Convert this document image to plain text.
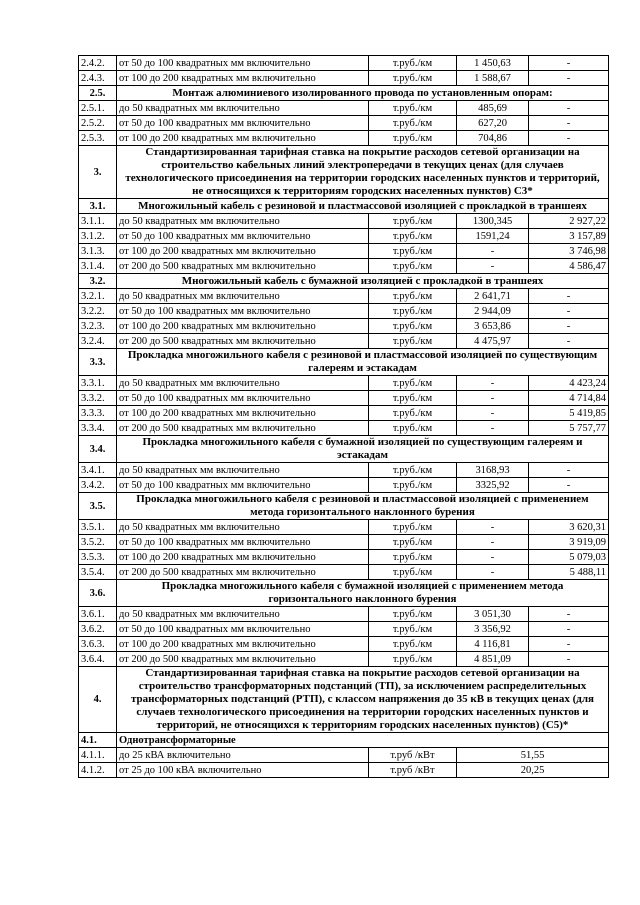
2.4.2.	от 50 до 100 квадратных мм включительно	т.руб./км	1 450,63	-
2.4.3.	от 100 до 200 квадратных мм включительно	т.руб./км	1 588,67	-
2.5.	Монтаж алюминиевого изолированного провода по установленным опорам:			
2.5.1.	до 50 квадратных мм включительно	т.руб./км	485,69	-
2.5.2.	от 50 до 100 квадратных мм включительно	т.руб./км	627,20	-
2.5.3.	от 100 до 200 квадратных мм включительно	т.руб./км	704,86	-
3.	Стандартизированная тарифная ставка на покрытие расходов сетевой организации на строительство кабельных линий электропередачи в текущих ценах (для случаев технологического присоединения на территории городских населенных пунктов и территорий, не относящихся к территориям городских населенных пунктов) С3*			
3.1.	Многожильный кабель с резиновой и пластмассовой изоляцией с прокладкой в траншеях			
3.1.1.	до 50 квадратных мм включительно	т.руб./км	1300,345	2 927,22
3.1.2.	от 50 до 100 квадратных мм включительно	т.руб./км	1591,24	3 157,89
3.1.3.	от 100 до 200 квадратных мм включительно	т.руб./км	-	3 746,98
3.1.4.	от 200 до 500 квадратных мм включительно	т.руб./км	-	4 586,47
3.2.	Многожильный кабель с бумажной изоляцией с прокладкой в траншеях			
3.2.1.	до 50 квадратных мм включительно	т.руб./км	2 641,71	-
3.2.2.	от 50 до 100 квадратных мм включительно	т.руб./км	2 944,09	-
3.2.3.	от 100 до 200 квадратных мм включительно	т.руб./км	3 653,86	-
3.2.4.	от 200 до 500 квадратных мм включительно	т.руб./км	4 475,97	-
3.3.	Прокладка многожильного кабеля с резиновой и пластмассовой изоляцией по существующим галереям и эстакадам			
3.3.1.	до 50 квадратных мм включительно	т.руб./км	-	4 423,24
3.3.2.	от 50 до 100 квадратных мм включительно	т.руб./км	-	4 714,84
3.3.3.	от 100 до 200 квадратных мм включительно	т.руб./км	-	5 419,85
3.3.4.	от 200 до 500 квадратных мм включительно	т.руб./км	-	5 757,77
3.4.	Прокладка многожильного кабеля с бумажной изоляцией по существующим галереям и эстакадам			
3.4.1.	до 50 квадратных мм включительно	т.руб./км	3168,93	-
3.4.2.	от 50 до 100 квадратных мм включительно	т.руб./км	3325,92	-
3.5.	Прокладка многожильного кабеля с резиновой и пластмассовой изоляцией с применением метода горизонтального наклонного бурения			
3.5.1.	до 50 квадратных мм включительно	т.руб./км	-	3 620,31
3.5.2.	от 50 до 100 квадратных мм включительно	т.руб./км	-	3 919,09
3.5.3.	от 100 до 200 квадратных мм включительно	т.руб./км	-	5 079,03
3.5.4.	от 200 до 500 квадратных мм включительно	т.руб./км	-	5 488,11
3.6.	Прокладка многожильного кабеля с бумажной изоляцией с применением метода горизонтального наклонного бурения			
3.6.1.	до 50 квадратных мм включительно	т.руб./км	3 051,30	-
3.6.2.	от 50 до 100 квадратных мм включительно	т.руб./км	3 356,92	-
3.6.3.	от 100 до 200 квадратных мм включительно	т.руб./км	4 116,81	-
3.6.4.	от 200 до 500 квадратных мм включительно	т.руб./км	4 851,09	-
4.	Стандартизированная тарифная ставка на покрытие расходов сетевой организации на строительство трансформаторных подстанций (ТП), за исключением распределительных трансформаторных подстанций (РТП), с классом напряжения до 35 кВ в текущих ценах (для случаев технологического присоединения на территории городских населенных пунктов и территорий, не относящихся к территориям городских населенных пунктов) (С5)*			
4.1.	Однотрансформаторные			
4.1.1.	до 25 кВА включительно	т.руб /кВт	51,55	
4.1.2.	от 25 до 100 кВА включительно	т.руб /кВт	20,25	
